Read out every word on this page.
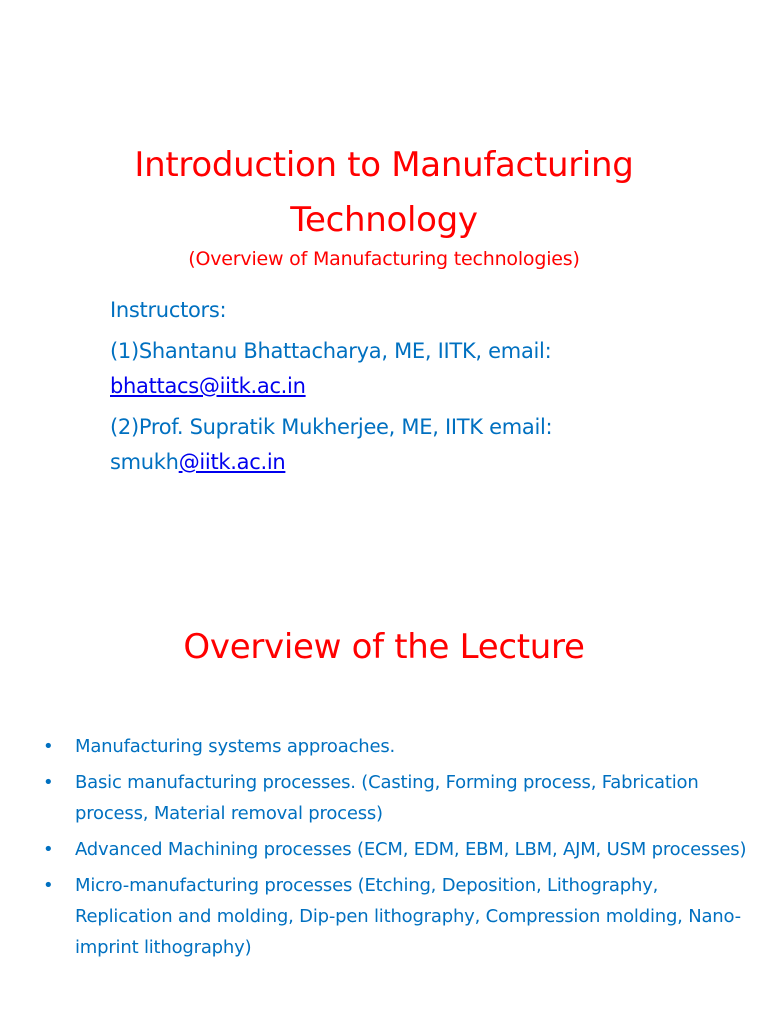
Introduction to Manufacturing Technology
(Overview of Manufacturing technologies)
Instructors:
(1)Shantanu Bhattacharya, ME, IITK, email:
bhattacs@iitk.ac.in
(2)Prof. Supratik Mukherjee, ME, IITK email:
smukh@iitk.ac.in
Overview of the Lecture
• Manufacturing systems approaches.
• Basic manufacturing processes. (Casting, Forming process, Fabrication process, Material removal process)
• Advanced Machining processes (ECM, EDM, EBM, LBM, AJM, USM processes)
• Micro-manufacturing processes (Etching, Deposition, Lithography, Replication and molding, Dip-pen lithography, Compression molding, Nano-imprint lithography)
